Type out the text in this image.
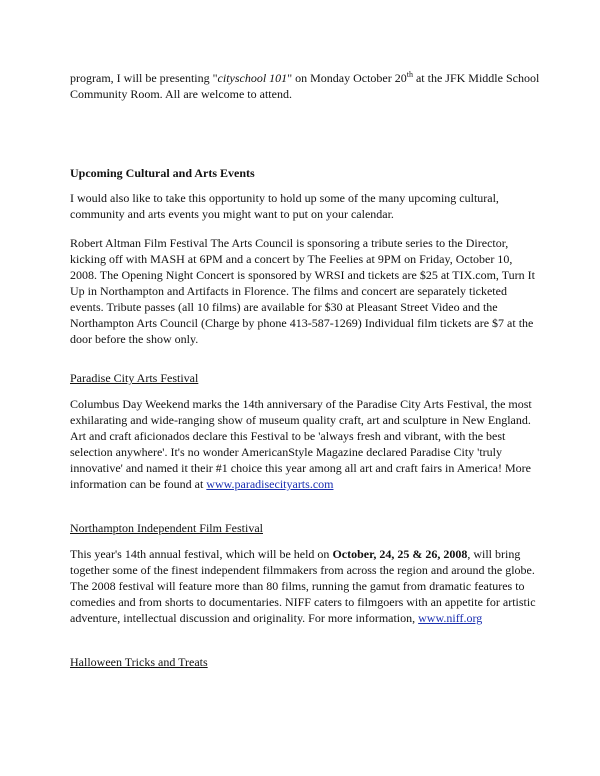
program, I will be presenting "cityschool 101" on Monday October 20th at the JFK Middle School Community Room. All are welcome to attend.

Upcoming Cultural and Arts Events

I would also like to take this opportunity to hold up some of the many upcoming cultural, community and arts events you might want to put on your calendar.

Robert Altman Film Festival The Arts Council is sponsoring a tribute series to the Director, kicking off with MASH at 6PM and a concert by The Feelies at 9PM on Friday, October 10, 2008. The Opening Night Concert is sponsored by WRSI and tickets are $25 at TIX.com, Turn It Up in Northampton and Artifacts in Florence. The films and concert are separately ticketed events. Tribute passes (all 10 films) are available for $30 at Pleasant Street Video and the Northampton Arts Council (Charge by phone 413-587-1269) Individual film tickets are $7 at the door before the show only.

Paradise City Arts Festival

Columbus Day Weekend marks the 14th anniversary of the Paradise City Arts Festival, the most exhilarating and wide-ranging show of museum quality craft, art and sculpture in New England. Art and craft aficionados declare this Festival to be 'always fresh and vibrant, with the best selection anywhere'. It's no wonder AmericanStyle Magazine declared Paradise City 'truly innovative' and named it their #1 choice this year among all art and craft fairs in America! More information can be found at www.paradisecityarts.com

Northampton Independent Film Festival

This year's 14th annual festival, which will be held on October, 24, 25 & 26, 2008, will bring together some of the finest independent filmmakers from across the region and around the globe. The 2008 festival will feature more than 80 films, running the gamut from dramatic features to comedies and from shorts to documentaries. NIFF caters to filmgoers with an appetite for artistic adventure, intellectual discussion and originality. For more information, www.niff.org

Halloween Tricks and Treats
